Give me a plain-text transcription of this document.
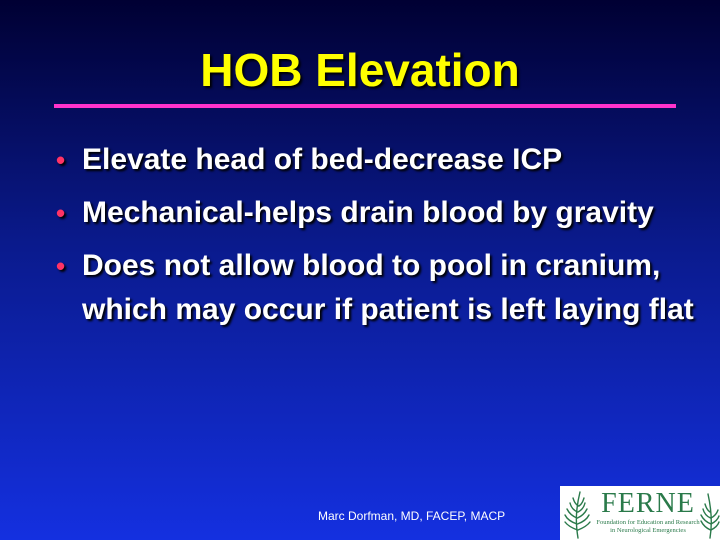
HOB Elevation
• Elevate head of bed-decrease ICP
• Mechanical-helps drain blood by gravity
• Does not allow blood to pool in cranium, which may occur if patient is left laying flat
Marc Dorfman, MD, FACEP, MACP	FERNE
Foundation for Education and Research
in Neurological Emergencies
